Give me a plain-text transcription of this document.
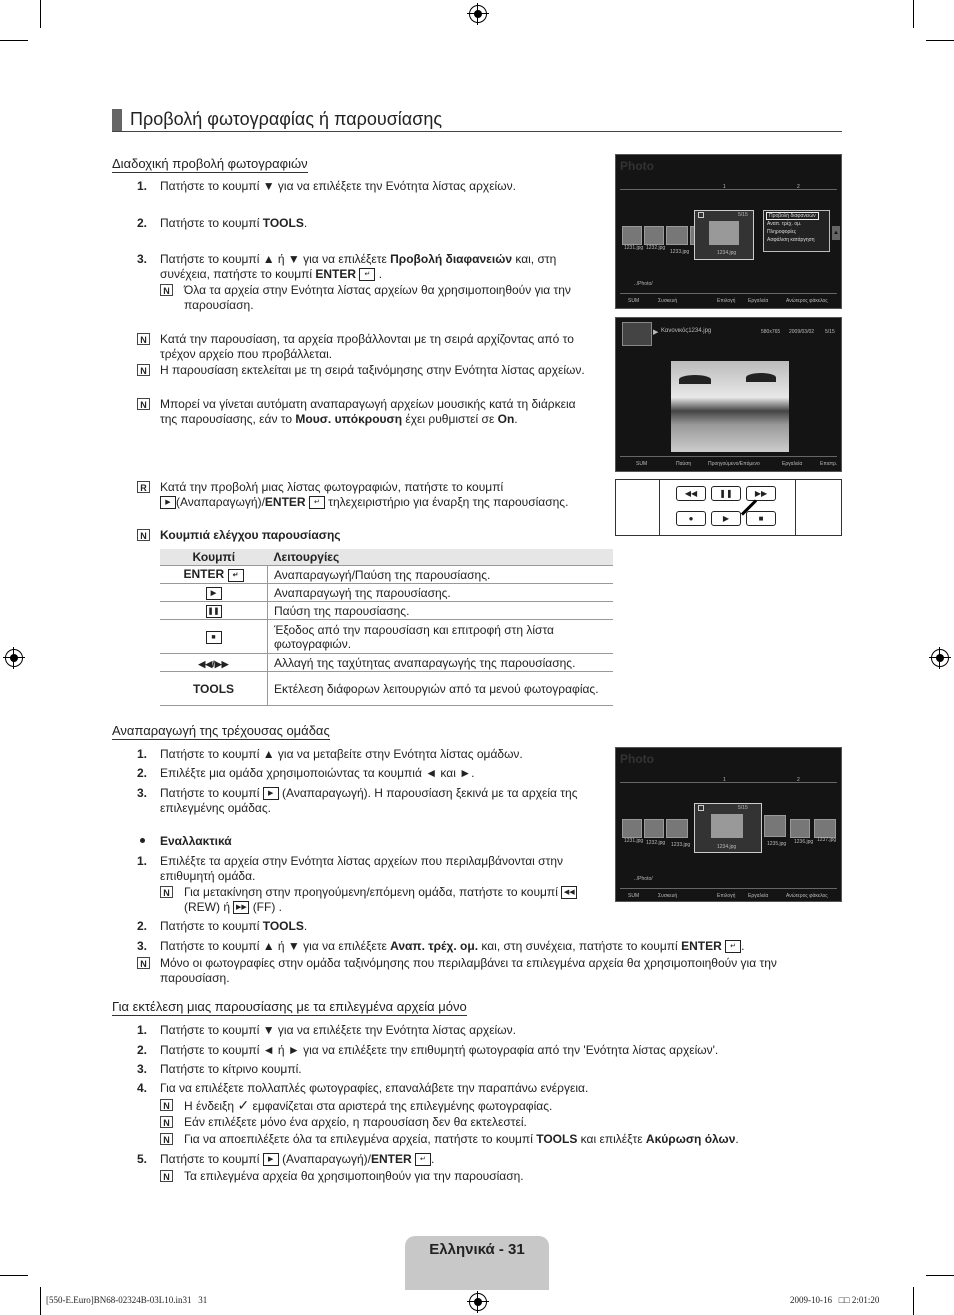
Προβολή φωτογραφίας ή παρουσίασης
Διαδοχική προβολή φωτογραφιών
1. Πατήστε το κουμπί ▼ για να επιλέξετε την Ενότητα λίστας αρχείων.
2. Πατήστε το κουμπί TOOLS.
3. Πατήστε το κουμπί ▲ ή ▼ για να επιλέξετε Προβολή διαφανειών και, στη
συνέχεια, πατήστε το κουμπί ENTER ↵ .
N Όλα τα αρχεία στην Ενότητα λίστας αρχείων θα χρησιμοποιηθούν για την παρουσίαση.
N Κατά την παρουσίαση, τα αρχεία προβάλλονται με τη σειρά αρχίζοντας από το τρέχον αρχείο που προβάλλεται.
N Η παρουσίαση εκτελείται με τη σειρά ταξινόμησης στην Ενότητα λίστας αρχείων.
N Μπορεί να γίνεται αυτόματη αναπαραγωγή αρχείων μουσικής κατά τη διάρκεια της παρουσίασης, εάν το Μουσ. υπόκρουση έχει ρυθμιστεί σε On.
R Κατά την προβολή μιας λίστας φωτογραφιών, πατήστε το κουμπί
▶ (Αναπαραγωγή)/ENTER ↵ τηλεχειριστήριο για έναρξη της παρουσίασης.
N Κουμπιά ελέγχου παρουσίασης
Κουμπί	Λειτουργίες
ENTER ↵	Αναπαραγωγή/Παύση της παρουσίασης.
▶	Αναπαραγωγή της παρουσίασης.
❚❚	Παύση της παρουσίασης.
■	Έξοδος από την παρουσίαση και επιτροφή στη λίστα φωτογραφιών.
◀◀/▶▶	Αλλαγή της ταχύτητας αναπαραγωγής της παρουσίασης.
TOOLS	Εκτέλεση διάφορων λειτουργιών από τα μενού φωτογραφίας.
Photo
1	2
1231.jpg 1232.jpg
1233.jpg
5/15
1234.jpg
Προβολή διαφανειών
Αναπ. τρέχ. ομ.
Πληροφορίες
Ασφάλιση κατάργηση
▲
../Photo/
SUM	Συσκευή	Επιλογή	Εργαλεία	Ανώτερος φάκελος
▶ Κανονικός1234.jpg	580x765 2009/03/02 5/15
SUM	Παύση	Προηγούμενο/Επόμενο	Εργαλεία	Επιστρ.
◀◀	❚❚	▶▶
●	▶	■
Αναπαραγωγή της τρέχουσας ομάδας
1. Πατήστε το κουμπί ▲ για να μεταβείτε στην Ενότητα λίστας ομάδων.
2. Επιλέξτε μια ομάδα χρησιμοποιώντας τα κουμπιά ◄ και ►.
3. Πατήστε το κουμπί ▶ (Αναπαραγωγή). Η παρουσίαση ξεκινά με τα αρχεία της
επιλεγμένης ομάδας.
Εναλλακτικά
1. Επιλέξτε τα αρχεία στην Ενότητα λίστας αρχείων που περιλαμβάνονται στην επιθυμητή ομάδα.
N Για μετακίνηση στην προηγούμενη/επόμενη ομάδα, πατήστε το κουμπί ◀◀
(REW) ή ▶▶ (FF) .
2. Πατήστε το κουμπί TOOLS.
3. Πατήστε το κουμπί ▲ ή ▼ για να επιλέξετε Αναπ. τρέχ. ομ. και, στη συνέχεια, πατήστε το κουμπί ENTER ↵ .
N Μόνο οι φωτογραφίες στην ομάδα ταξινόμησης που περιλαμβάνει τα επιλεγμένα αρχεία θα χρησιμοποιηθούν για την παρουσίαση.
Photo
1	2
5/15
1231.jpg 1232.jpg 1233.jpg	1234.jpg	1235.jpg 1236.jpg 1237.jpg
../Photo/
SUM	Συσκευή	Επιλογή	Εργαλεία	Ανώτερος φάκελος
Για εκτέλεση μιας παρουσίασης με τα επιλεγμένα αρχεία μόνο
1. Πατήστε το κουμπί ▼ για να επιλέξετε την Ενότητα λίστας αρχείων.
2. Πατήστε το κουμπί ◄ ή ► για να επιλέξετε την επιθυμητή φωτογραφία από την 'Ενότητα λίστας αρχείων'.
3. Πατήστε το κίτρινο κουμπί.
4. Για να επιλέξετε πολλαπλές φωτογραφίες, επαναλάβετε την παραπάνω ενέργεια.
N Η ένδειξη ✓ εμφανίζεται στα αριστερά της επιλεγμένης φωτογραφίας.
N Εάν επιλέξετε μόνο ένα αρχείο, η παρουσίαση δεν θα εκτελεστεί.
N Για να αποεπιλέξετε όλα τα επιλεγμένα αρχεία, πατήστε το κουμπί TOOLS και επιλέξτε Ακύρωση όλων.
5. Πατήστε το κουμπί ▶ (Αναπαραγωγή)/ENTER ↵ .
N Τα επιλεγμένα αρχεία θα χρησιμοποιηθούν για την παρουσίαση.
Ελληνικά - 31
[550-E.Euro]BN68-02324B-03L10.in31   31	2009-10-16   □□ 2:01:20
